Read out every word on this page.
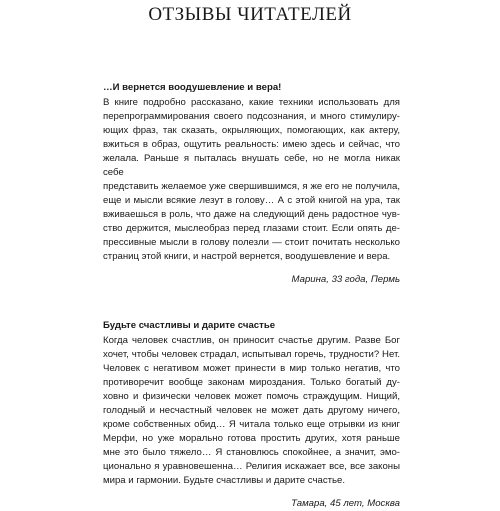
ОТЗЫВЫ ЧИТАТЕЛЕЙ
…И вернется воодушевление и вера!
В книге подробно рассказано, какие техники использовать для
перепрограммирования своего подсознания, и много стимулиру-
ющих фраз, так сказать, окрыляющих, помогающих, как актеру,
вжиться в образ, ощутить реальность: имею здесь и сейчас, что
желала. Раньше я пыталась внушать себе, но не могла никак себе
представить желаемое уже свершившимся, я же его не получила,
еще и мысли всякие лезут в голову… А с этой книгой на ура, так
вживаешься в роль, что даже на следующий день радостное чув-
ство держится, мыслеобраз перед глазами стоит. Если опять де-
прессивные мысли в голову полезли — стоит почитать несколько
страниц этой книги, и настрой вернется, воодушевление и вера.
Марина, 33 года, Пермь
Будьте счастливы и дарите счастье
Когда человек счастлив, он приносит счастье другим. Разве Бог
хочет, чтобы человек страдал, испытывал горечь, трудности? Нет.
Человек с негативом может принести в мир только негатив, что
противоречит вообще законам мироздания. Только богатый ду-
ховно и физически человек может помочь страждущим. Нищий,
голодный и несчастный человек не может дать другому ничего,
кроме собственных обид… Я читала только еще отрывки из книг
Мерфи, но уже морально готова простить других, хотя раньше
мне это было тяжело… Я становлюсь спокойнее, а значит, эмо-
ционально я уравновешенна… Религия искажает все, все законы
мира и гармонии. Будьте счастливы и дарите счастье.
Тамара, 45 лет, Москва
